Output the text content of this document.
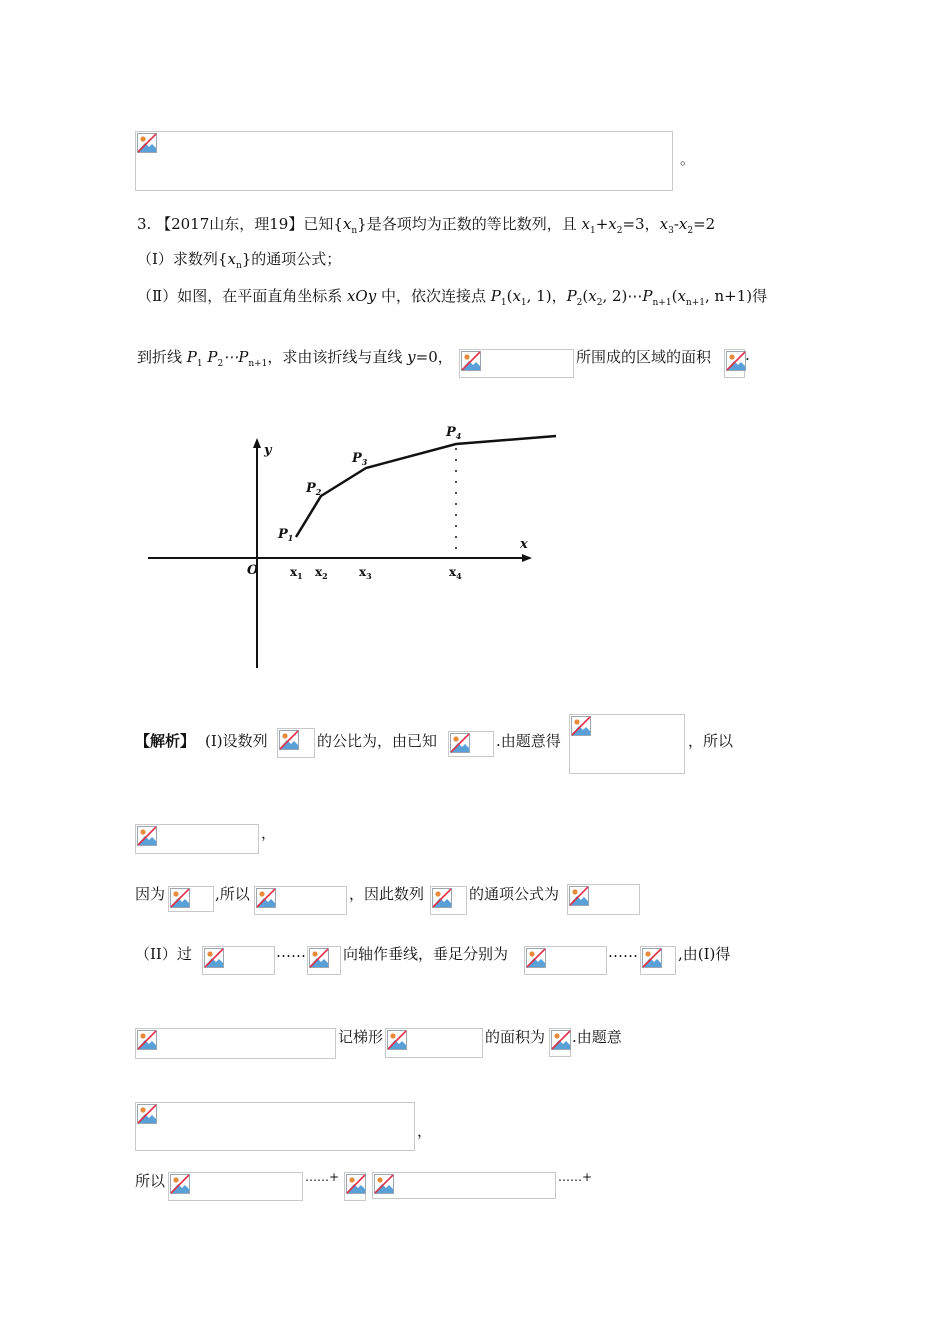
。
3. 【2017山东，理19】已知$\{x_n\}$是各项均为正数的等比数列，且 $x_1+x_2=3$，$x_3-x_2=2$
（Ⅰ）求数列$\{x_n\}$的通项公式；
（Ⅱ）如图，在平面直角坐标系 xOy 中，依次连接点 $P_1(x_1$, 1)，$P_2(x_2$, $2)\cdots P_{n+1}(x_{n+1}$, n+1)得
到折线 $P_1$ $P_2\cdots P_{n+1}$，求由该折线与直线 y=0，	所围成的区域的面积 .
y
x
O
$P_1$
$P_2$
$P_3$
$P_4$
$x_1$ $x_2$	$x_3$	$x_4$
【解析】 (I)设数列	的公比为，由已知	.由题意得	，所以
，
因为	,所以	，因此数列	的通项公式为
（II）过	…… 向轴作垂线，垂足分别为	……	,由(I)得
记梯形	的面积为 .由题意
，
所以	……+	……+
